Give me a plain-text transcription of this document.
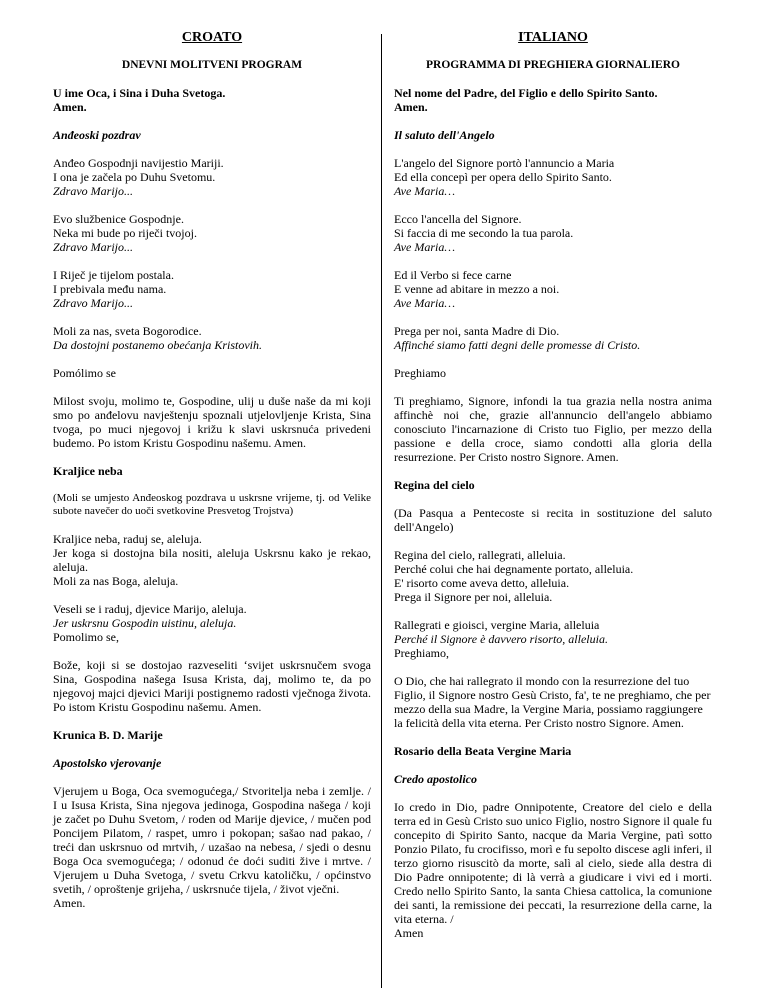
CROATO
DNEVNI MOLITVENI PROGRAM
U ime Oca, i Sina i Duha Svetoga.
Amen.
Anđeoski pozdrav
Anđeo Gospodnji navijestio Mariji.
I ona je začela po Duhu Svetomu.
Zdravo Marijo...
Evo službenice Gospodnje.
Neka mi bude po riječi tvojoj.
Zdravo Marijo...
I Riječ je tijelom postala.
I prebivala među nama.
Zdravo Marijo...
Moli za nas, sveta Bogorodice.
Da dostojni postanemo obećanja Kristovih.
Pomólimo se
Milost svoju, molimo te, Gospodine, ulij u duše naše da mi koji smo po anđelovu navještenju spoznali utjelovljenje Krista, Sina tvoga, po muci njegovoj i križu k slavi uskrsnuća privedeni budemo. Po istom Kristu Gospodinu našemu. Amen.
Kraljice neba
(Moli se umjesto Anđeoskog pozdrava u uskrsne vrijeme, tj. od Velike subote navečer do uoči svetkovine Presvetog Trojstva)
Kraljice neba, raduj se, aleluja.
Jer koga si dostojna bila nositi, aleluja Uskrsnu kako je rekao, aleluja.
Moli za nas Boga, aleluja.
Veseli se i raduj, djevice Marijo, aleluja.
Jer uskrsnu Gospodin uistinu, aleluja.
Pomolimo se,
Bože, koji si se dostojao razveseliti ‘svijet uskrsnučem svoga Sina, Gospodina našega Isusa Krista, daj, molimo te, da po njegovoj majci djevici Mariji postignemo radosti vječnoga života. Po istom Kristu Gospodinu našemu. Amen.
Krunica B. D. Marije
Apostolsko vjerovanje
Vjerujem u Boga, Oca svemogućega,/ Stvoritelja neba i zemlje. / I u Isusa Krista, Sina njegova jedinoga, Gospodina našega / koji je začet po Duhu Svetom, / roden od Marije djevice, / mučen pod Poncijem Pilatom, / raspet, umro i pokopan; sašao nad pakao, / treći dan uskrsnuo od mrtvih, / uzašao na nebesa, / sjedi o desnu Boga Oca svemogućega; / odonud će doći suditi žive i mrtve. / Vjerujem u Duha Svetoga, / svetu Crkvu katoličku, / općinstvo svetih, / oproštenje grijeha, / uskrsnuće tijela, / život vječni.
Amen.
ITALIANO
PROGRAMMA DI PREGHIERA GIORNALIERO
Nel nome del Padre, del Figlio e dello Spirito Santo.
Amen.
Il saluto dell'Angelo
L'angelo del Signore portò l'annuncio a Maria
Ed ella concepì per opera dello Spirito Santo.
Ave Maria…
Ecco l'ancella del Signore.
Si faccia di me secondo la tua parola.
Ave Maria…
Ed il Verbo si fece carne
E venne ad abitare in mezzo a noi.
Ave Maria…
Prega per noi, santa Madre di Dio.
Affinché siamo fatti degni delle promesse di Cristo.
Preghiamo
Ti preghiamo, Signore, infondi la tua grazia nella nostra anima affinchè noi che, grazie all'annuncio dell'angelo abbiamo conosciuto l'incarnazione di Cristo tuo Figlio, per mezzo della passione e della croce, siamo condotti alla gloria della resurrezione. Per Cristo nostro Signore. Amen.
Regina del cielo
(Da Pasqua a Pentecoste si recita in sostituzione del saluto dell'Angelo)
Regina del cielo, rallegrati, alleluia.
Perché colui che hai degnamente portato, alleluia.
E' risorto come aveva detto, alleluia.
Prega il Signore per noi, alleluia.
Rallegrati e gioisci, vergine Maria, alleluia
Perché il Signore è davvero risorto, alleluia.
Preghiamo,
O Dio, che hai rallegrato il mondo con la resurrezione del tuo Figlio, il Signore nostro Gesù Cristo, fa', te ne preghiamo, che per mezzo della sua Madre, la Vergine Maria, possiamo raggiungere la felicità della vita eterna. Per Cristo nostro Signore. Amen.
Rosario della Beata Vergine Maria
Credo apostolico
Io credo in Dio, padre Onnipotente, Creatore del cielo e della terra ed in Gesù Cristo suo unico Figlio, nostro Signore il quale fu concepito di Spirito Santo, nacque da Maria Vergine, patì sotto Ponzio Pilato, fu crocifisso, morì e fu sepolto discese agli inferi, il terzo giorno risuscitò da morte, salì al cielo, siede alla destra di Dio Padre onnipotente; di là verrà a giudicare i vivi ed i morti. Credo nello Spirito Santo, la santa Chiesa cattolica, la comunione dei santi, la remissione dei peccati, la resurrezione della carne, la vita eterna. /
Amen
